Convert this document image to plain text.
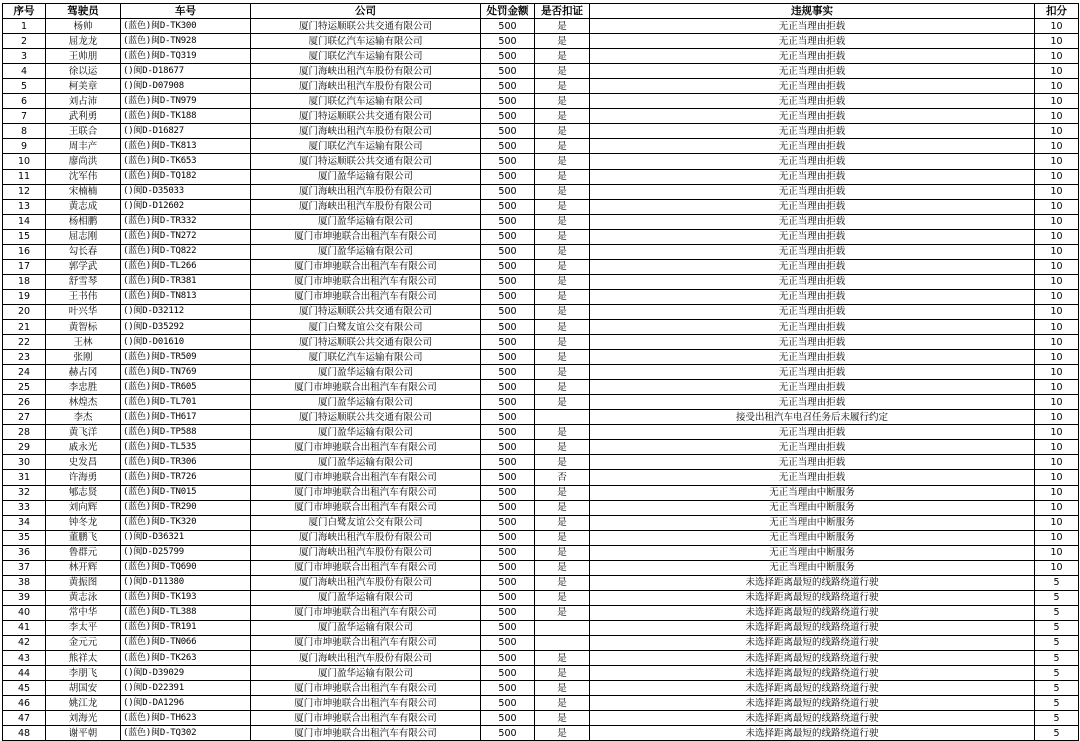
序号	驾驶员	车号	公司	处罚金额	是否扣证	违规事实	扣分
1	杨帅	(蓝色)闽D-TK300	厦门特运顺联公共交通有限公司	500	是	无正当理由拒载	10
2	屈龙龙	(蓝色)闽D-TN928	厦门联亿汽车运输有限公司	500	是	无正当理由拒载	10
3	王帅朋	(蓝色)闽D-TQ319	厦门联亿汽车运输有限公司	500	是	无正当理由拒载	10
4	徐以运	()闽D-D18677	厦门海峡出租汽车股份有限公司	500	是	无正当理由拒载	10
5	柯美章	()闽D-D07908	厦门海峡出租汽车股份有限公司	500	是	无正当理由拒载	10
6	刘占沛	(蓝色)闽D-TN979	厦门联亿汽车运输有限公司	500	是	无正当理由拒载	10
7	武利勇	(蓝色)闽D-TK188	厦门特运顺联公共交通有限公司	500	是	无正当理由拒载	10
8	王联合	()闽D-D16827	厦门海峡出租汽车股份有限公司	500	是	无正当理由拒载	10
9	周丰产	(蓝色)闽D-TK813	厦门联亿汽车运输有限公司	500	是	无正当理由拒载	10
10	廖尚洪	(蓝色)闽D-TK653	厦门特运顺联公共交通有限公司	500	是	无正当理由拒载	10
11	沈军伟	(蓝色)闽D-TQ182	厦门盈华运输有限公司	500	是	无正当理由拒载	10
12	宋楠楠	()闽D-D35033	厦门海峡出租汽车股份有限公司	500	是	无正当理由拒载	10
13	黄志成	()闽D-D12602	厦门海峡出租汽车股份有限公司	500	是	无正当理由拒载	10
14	杨相鹏	(蓝色)闽D-TR332	厦门盈华运输有限公司	500	是	无正当理由拒载	10
15	屈志刚	(蓝色)闽D-TN272	厦门市坤驰联合出租汽车有限公司	500	是	无正当理由拒载	10
16	勾长春	(蓝色)闽D-TQ822	厦门盈华运输有限公司	500	是	无正当理由拒载	10
17	郭学武	(蓝色)闽D-TL266	厦门市坤驰联合出租汽车有限公司	500	是	无正当理由拒载	10
18	舒雪琴	(蓝色)闽D-TR381	厦门市坤驰联合出租汽车有限公司	500	是	无正当理由拒载	10
19	王书伟	(蓝色)闽D-TN813	厦门市坤驰联合出租汽车有限公司	500	是	无正当理由拒载	10
20	叶兴华	()闽D-D32112	厦门特运顺联公共交通有限公司	500	是	无正当理由拒载	10
21	黄智标	()闽D-D35292	厦门白鹭友谊公交有限公司	500	是	无正当理由拒载	10
22	王林	()闽D-D01610	厦门特运顺联公共交通有限公司	500	是	无正当理由拒载	10
23	张刚	(蓝色)闽D-TR509	厦门联亿汽车运输有限公司	500	是	无正当理由拒载	10
24	赫占冈	(蓝色)闽D-TN769	厦门盈华运输有限公司	500	是	无正当理由拒载	10
25	李忠胜	(蓝色)闽D-TR605	厦门市坤驰联合出租汽车有限公司	500	是	无正当理由拒载	10
26	林煌杰	(蓝色)闽D-TL701	厦门盈华运输有限公司	500	是	无正当理由拒载	10
27	李杰	(蓝色)闽D-TH617	厦门特运顺联公共交通有限公司	500		接受出租汽车电召任务后未履行约定	10
28	黄飞洋	(蓝色)闽D-TP588	厦门盈华运输有限公司	500	是	无正当理由拒载	10
29	戚永光	(蓝色)闽D-TL535	厦门市坤驰联合出租汽车有限公司	500	是	无正当理由拒载	10
30	史发昌	(蓝色)闽D-TR306	厦门盈华运输有限公司	500	是	无正当理由拒载	10
31	许海勇	(蓝色)闽D-TR726	厦门市坤驰联合出租汽车有限公司	500	否	无正当理由拒载	10
32	郇志贤	(蓝色)闽D-TN015	厦门市坤驰联合出租汽车有限公司	500	是	无正当理由中断服务	10
33	刘向辉	(蓝色)闽D-TR290	厦门市坤驰联合出租汽车有限公司	500	是	无正当理由中断服务	10
34	钟冬龙	(蓝色)闽D-TK320	厦门白鹭友谊公交有限公司	500	是	无正当理由中断服务	10
35	董鹏飞	()闽D-D36321	厦门海峡出租汽车股份有限公司	500	是	无正当理由中断服务	10
36	鲁群元	()闽D-D25799	厦门海峡出租汽车股份有限公司	500	是	无正当理由中断服务	10
37	林开辉	(蓝色)闽D-TQ690	厦门市坤驰联合出租汽车有限公司	500	是	无正当理由中断服务	10
38	黄振图	()闽D-D11380	厦门海峡出租汽车股份有限公司	500	是	未选择距离最短的线路绕道行驶	5
39	黄志泳	(蓝色)闽D-TK193	厦门盈华运输有限公司	500	是	未选择距离最短的线路绕道行驶	5
40	常中华	(蓝色)闽D-TL388	厦门市坤驰联合出租汽车有限公司	500	是	未选择距离最短的线路绕道行驶	5
41	李太平	(蓝色)闽D-TR191	厦门盈华运输有限公司	500		未选择距离最短的线路绕道行驶	5
42	金元元	(蓝色)闽D-TN066	厦门市坤驰联合出租汽车有限公司	500		未选择距离最短的线路绕道行驶	5
43	熊祥太	(蓝色)闽D-TK263	厦门海峡出租汽车股份有限公司	500	是	未选择距离最短的线路绕道行驶	5
44	李朋飞	()闽D-D39029	厦门盈华运输有限公司	500	是	未选择距离最短的线路绕道行驶	5
45	胡国安	()闽D-D22391	厦门市坤驰联合出租汽车有限公司	500	是	未选择距离最短的线路绕道行驶	5
46	姚江龙	()闽D-DA1296	厦门市坤驰联合出租汽车有限公司	500	是	未选择距离最短的线路绕道行驶	5
47	刘海光	(蓝色)闽D-TH623	厦门市坤驰联合出租汽车有限公司	500	是	未选择距离最短的线路绕道行驶	5
48	谢平朝	(蓝色)闽D-TQ302	厦门市坤驰联合出租汽车有限公司	500	是	未选择距离最短的线路绕道行驶	5
